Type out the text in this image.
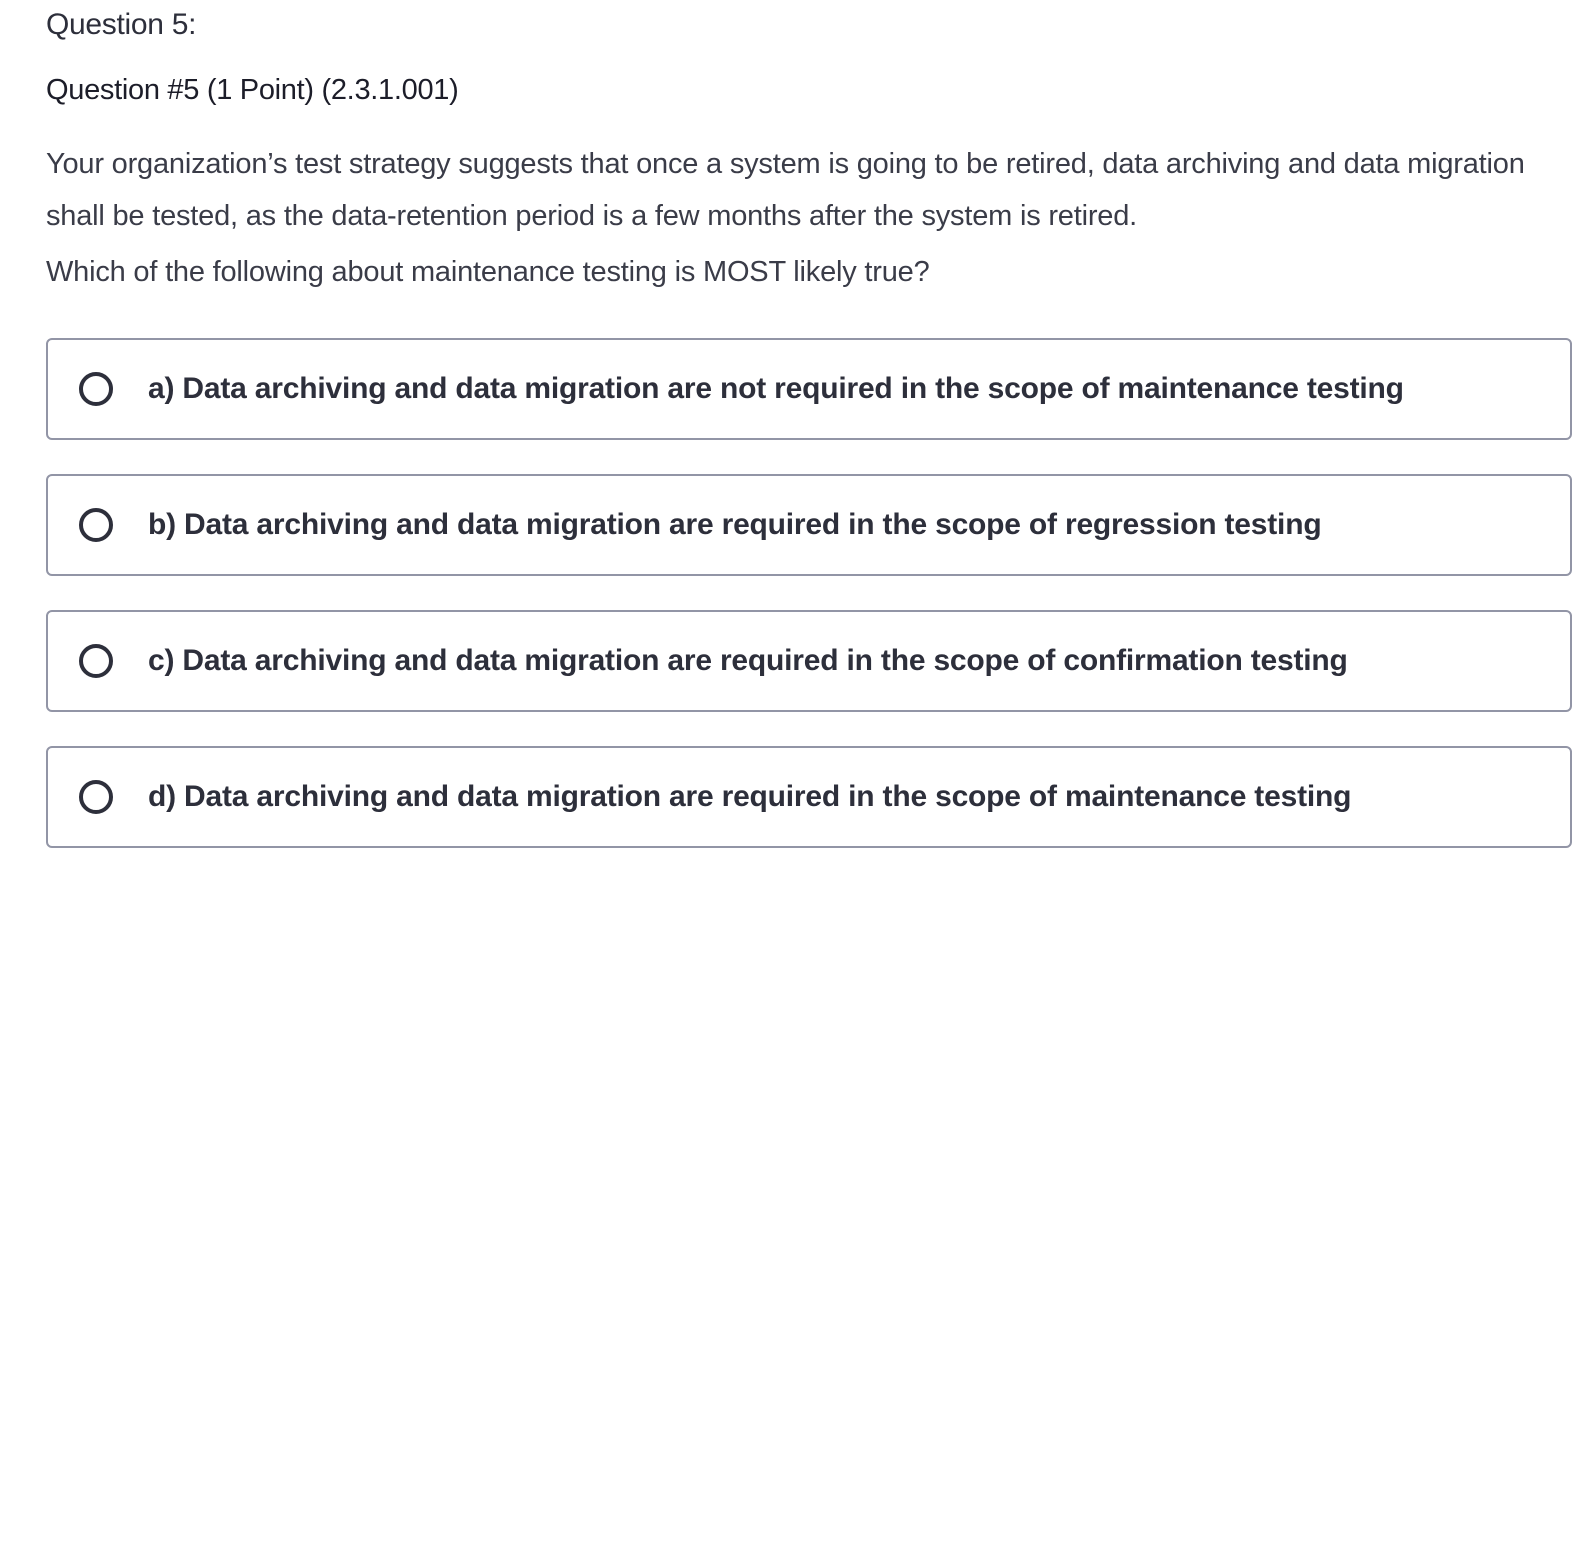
Question 5:
Question #5 (1 Point) (2.3.1.001)
Your organization’s test strategy suggests that once a system is going to be retired, data archiving and data migration shall be tested, as the data-retention period is a few months after the system is retired.
Which of the following about maintenance testing is MOST likely true?
a) Data archiving and data migration are not required in the scope of maintenance testing
b) Data archiving and data migration are required in the scope of regression testing
c) Data archiving and data migration are required in the scope of confirmation testing
d) Data archiving and data migration are required in the scope of maintenance testing
